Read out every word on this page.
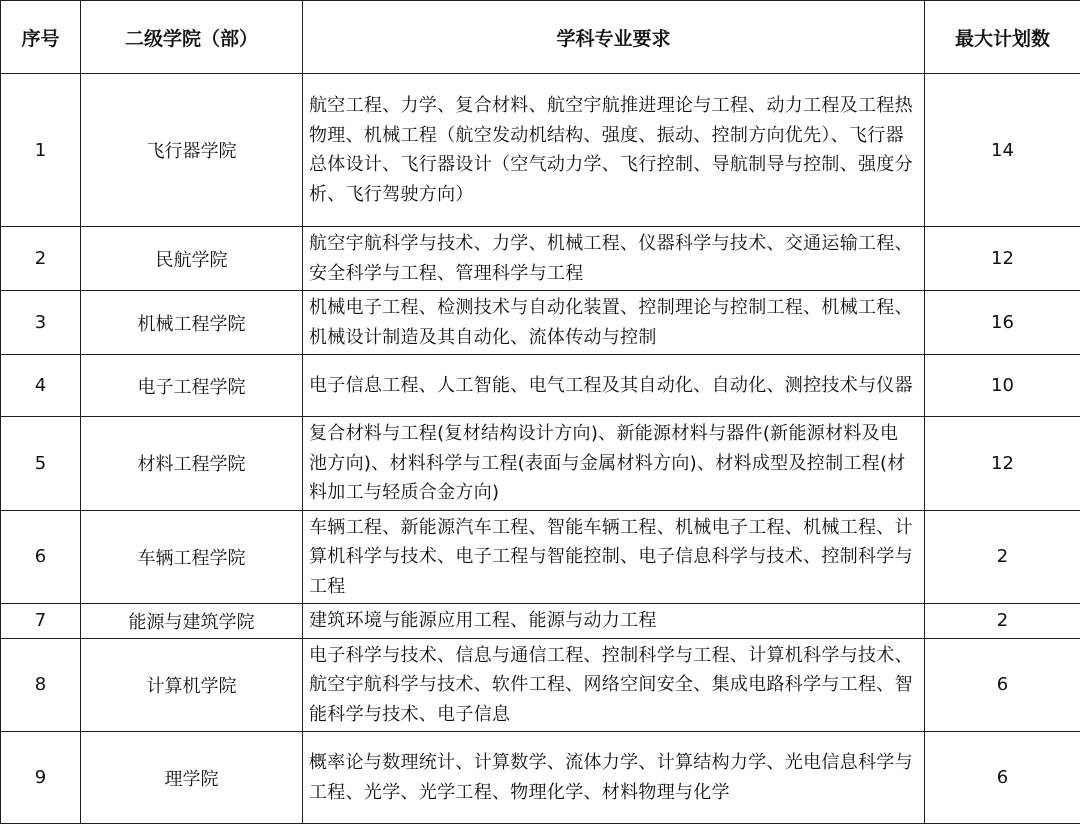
序号	二级学院（部）	学科专业要求	最大计划数
1	飞行器学院	航空工程、力学、复合材料、航空宇航推进理论与工程、动力工程及工程热物理、机械工程（航空发动机结构、强度、振动、控制方向优先）、飞行器总体设计、飞行器设计（空气动力学、飞行控制、导航制导与控制、强度分析、飞行驾驶方向）	14
2	民航学院	航空宇航科学与技术、力学、机械工程、仪器科学与技术、交通运输工程、安全科学与工程、管理科学与工程	12
3	机械工程学院	机械电子工程、检测技术与自动化装置、控制理论与控制工程、机械工程、机械设计制造及其自动化、流体传动与控制	16
4	电子工程学院	电子信息工程、人工智能、电气工程及其自动化、自动化、测控技术与仪器	10
5	材料工程学院	复合材料与工程(复材结构设计方向)、新能源材料与器件(新能源材料及电池方向)、材料科学与工程(表面与金属材料方向)、材料成型及控制工程(材料加工与轻质合金方向)	12
6	车辆工程学院	车辆工程、新能源汽车工程、智能车辆工程、机械电子工程、机械工程、计算机科学与技术、电子工程与智能控制、电子信息科学与技术、控制科学与工程	2
7	能源与建筑学院	建筑环境与能源应用工程、能源与动力工程	2
8	计算机学院	电子科学与技术、信息与通信工程、控制科学与工程、计算机科学与技术、航空宇航科学与技术、软件工程、网络空间安全、集成电路科学与工程、智能科学与技术、电子信息	6
9	理学院	概率论与数理统计、计算数学、流体力学、计算结构力学、光电信息科学与工程、光学、光学工程、物理化学、材料物理与化学	6
